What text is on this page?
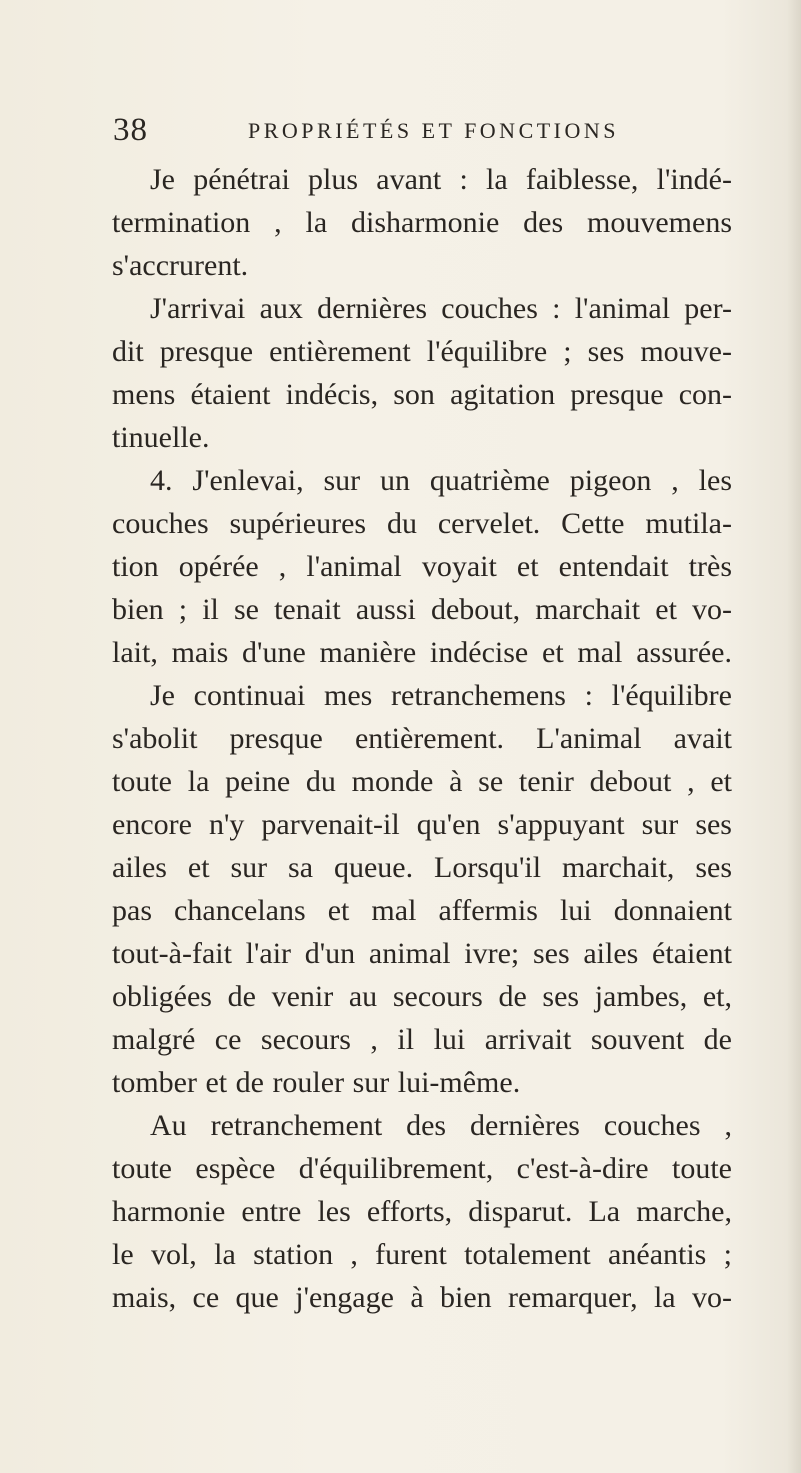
38	PROPRIÉTÉS ET FONCTIONS
Je pénétrai plus avant : la faiblesse, l'indé-
termination , la disharmonie des mouvemens
s'accrurent.
J'arrivai aux dernières couches : l'animal per-
dit presque entièrement l'équilibre ; ses mouve-
mens étaient indécis, son agitation presque con-
tinuelle.
4. J'enlevai, sur un quatrième pigeon , les
couches supérieures du cervelet. Cette mutila-
tion opérée , l'animal voyait et entendait très
bien ; il se tenait aussi debout, marchait et vo-
lait, mais d'une manière indécise et mal assurée.
Je continuai mes retranchemens : l'équilibre
s'abolit presque entièrement. L'animal avait
toute la peine du monde à se tenir debout , et
encore n'y parvenait-il qu'en s'appuyant sur ses
ailes et sur sa queue. Lorsqu'il marchait, ses
pas chancelans et mal affermis lui donnaient
tout-à-fait l'air d'un animal ivre; ses ailes étaient
obligées de venir au secours de ses jambes, et,
malgré ce secours , il lui arrivait souvent de
tomber et de rouler sur lui-même.
Au retranchement des dernières couches ,
toute espèce d'équilibrement, c'est-à-dire toute
harmonie entre les efforts, disparut. La marche,
le vol, la station , furent totalement anéantis ;
mais, ce que j'engage à bien remarquer, la vo-
